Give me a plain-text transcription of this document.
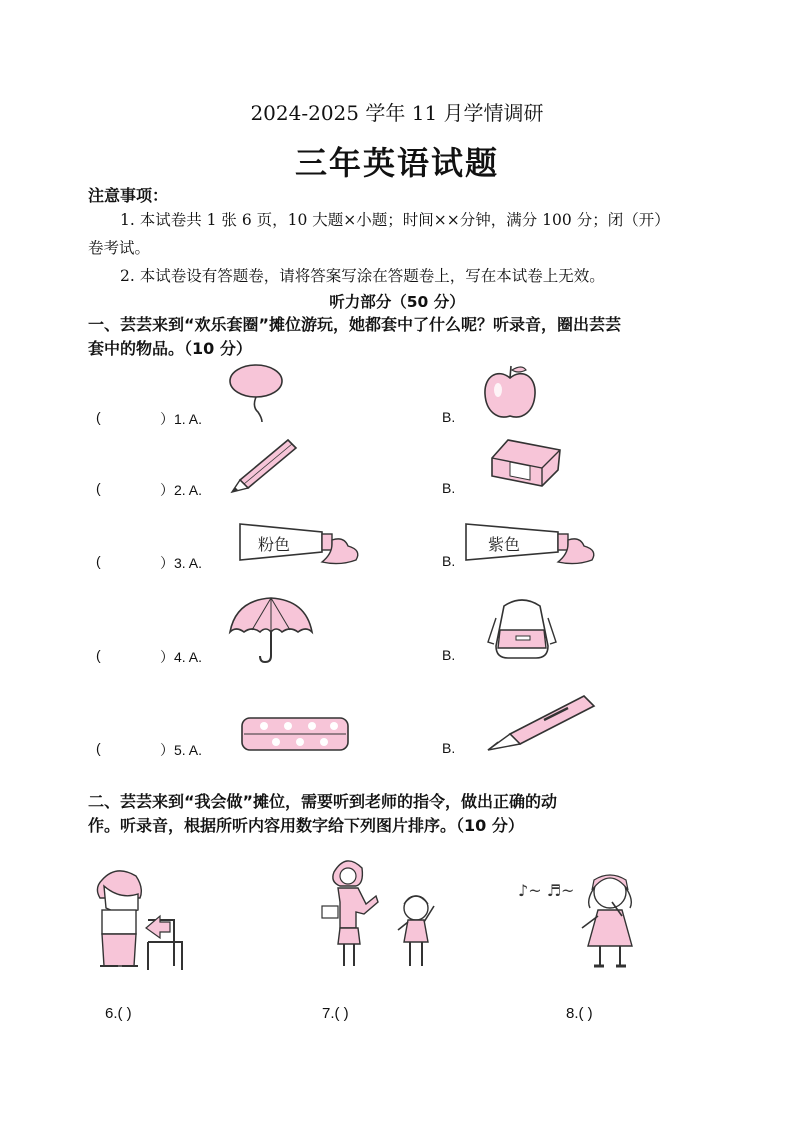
2024-2025 学年 11 月学情调研
三年英语试题
注意事项：
1. 本试卷共 1 张 6 页，10 大题×小题；时间××分钟，满分 100 分；闭（开）
卷考试。
2. 本试卷设有答题卷，请将答案写涂在答题卷上，写在本试卷上无效。
听力部分（50 分）
一、芸芸来到“欢乐套圈”摊位游玩，她都套中了什么呢？听录音，圈出芸芸
套中的物品。（10 分）
(	）1. A.	B.
(	）2. A.	B.
(	）3. A.	B.
粉色	紫色
(	）4. A.	B.
(	）5. A.	B.
二、芸芸来到“我会做”摊位，需要听到老师的指令，做出正确的动
作。听录音，根据所听内容用数字给下列图片排序。（10 分）
♪~ ♬~
6.( )	7.( )	8.( )
